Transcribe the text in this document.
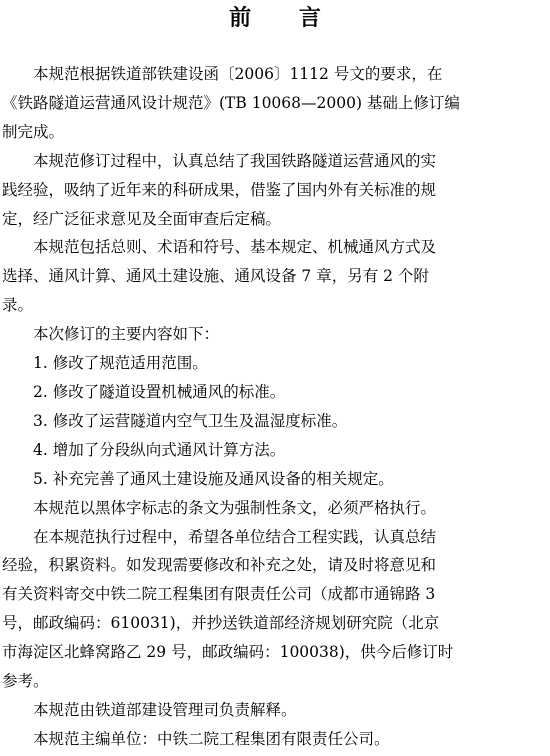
前 言

本规范根据铁道部铁建设函〔2006〕1112 号文的要求，在
《铁路隧道运营通风设计规范》(TB 10068—2000) 基础上修订编
制完成。

本规范修订过程中，认真总结了我国铁路隧道运营通风的实
践经验，吸纳了近年来的科研成果，借鉴了国内外有关标准的规
定，经广泛征求意见及全面审查后定稿。

本规范包括总则、术语和符号、基本规定、机械通风方式及
选择、通风计算、通风土建设施、通风设备 7 章，另有 2 个附
录。

本次修订的主要内容如下：

1. 修改了规范适用范围。

2. 修改了隧道设置机械通风的标准。

3. 修改了运营隧道内空气卫生及温湿度标准。

4. 增加了分段纵向式通风计算方法。

5. 补充完善了通风土建设施及通风设备的相关规定。

本规范以黑体字标志的条文为强制性条文，必须严格执行。

在本规范执行过程中，希望各单位结合工程实践，认真总结
经验，积累资料。如发现需要修改和补充之处，请及时将意见和
有关资料寄交中铁二院工程集团有限责任公司（成都市通锦路 3
号，邮政编码：610031)，并抄送铁道部经济规划研究院（北京
市海淀区北蜂窝路乙 29 号，邮政编码：100038)，供今后修订时
参考。

本规范由铁道部建设管理司负责解释。

本规范主编单位：中铁二院工程集团有限责任公司。
